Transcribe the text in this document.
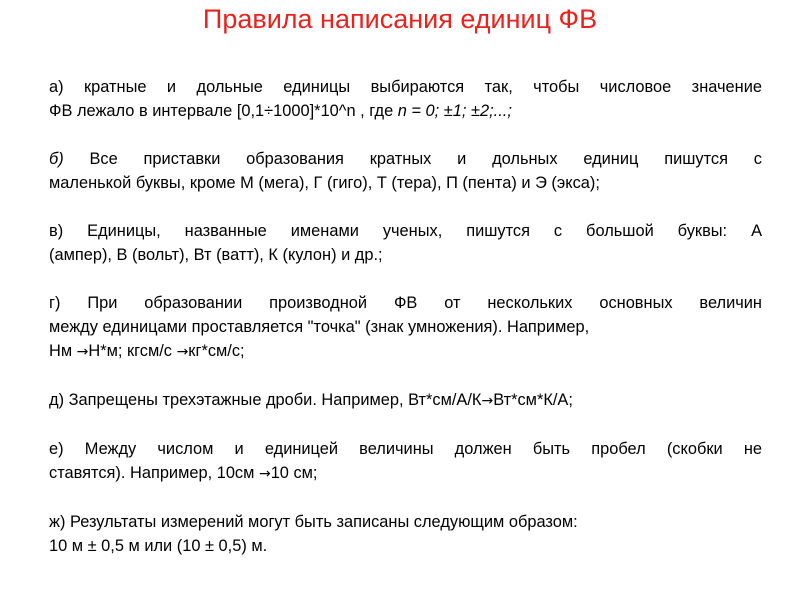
Правила написания единиц ФВ
а) кратные и дольные единицы выбираются так, чтобы числовое значение
ФВ лежало в интервале [0,1÷1000]*10^n , где n = 0; ±1; ±2;...;
б) Все приставки образования кратных и дольных единиц пишутся с
маленькой буквы, кроме М (мега), Г (гиго), Т (тера), П (пента) и Э (экса);
в) Единицы, названные именами ученых, пишутся с большой буквы: А
(ампер), В (вольт), Вт (ватт), К (кулон) и др.;
г) При образовании производной ФВ от нескольких основных величин
между единицами проставляется "точка" (знак умножения). Например,
Нм →Н*м; кгсм/с →кг*см/с;
д) Запрещены трехэтажные дроби. Например, Вт*см/А/К→Вт*см*К/А;
е) Между числом и единицей величины должен быть пробел (скобки не
ставятся). Например, 10см →10 см;
ж) Результаты измерений могут быть записаны следующим образом:
10 м ± 0,5 м или (10 ± 0,5) м.
